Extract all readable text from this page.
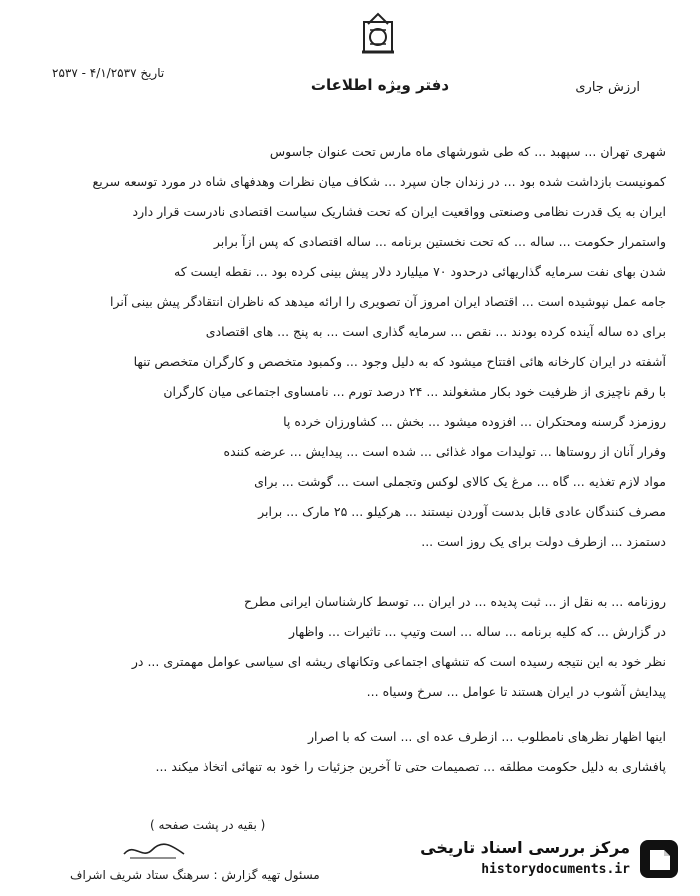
دفتر ویژه اطلاعات
تاریخ ۴/۱/۲۵۳۷ - ۲۵۳۷
ارزش جاری
شهری تهران ... سپهبد ... که طی شورشهای ماه مارس تحت عنوان جاسوس
کمونیست بازداشت شده بود ... در زندان جان سپرد ... شکاف میان نظرات وهدفهای شاه در مورد توسعه سریع
ایران به یک قدرت نظامی وصنعتی وواقعیت ایران که تحت فشاریک سیاست اقتصادی نادرست قرار دارد
واستمرار حکومت ... ساله ... که تحت نخستین برنامه ... ساله اقتصادی که پس ازآ برابر
شدن بهای نفت سرمایه گذاریهائی درحدود ۷۰ میلیارد دلار پیش بینی کرده بود ... نقطه ایست که
جامه عمل نپوشیده است ... اقتصاد ایران امروز آن تصویری را ارائه میدهد که ناظران انتقادگر پیش بینی آنرا
برای ده ساله آینده کرده بودند ... نقص ... سرمایه گذاری است ... به پنج ... های اقتصادی
آشفته در ایران کارخانه هائی افتتاح میشود که به دلیل وجود ... وکمبود متخصص و کارگران متخصص تنها
با رقم ناچیزی از ظرفیت خود بکار مشغولند ... ۲۴ درصد تورم ... نامساوی اجتماعی میان کارگران
روزمزد گرسنه ومحتکران ... افزوده میشود ... بخش ... کشاورزان خرده پا
وفرار آنان از روستاها ... تولیدات مواد غذائی ... شده است ... پیدایش ... عرضه کننده
مواد لازم تغذیه ... گاه ... مرغ یک کالای لوکس وتجملی است ... گوشت ... برای
مصرف کنندگان عادی قابل بدست آوردن نیستند ... هرکیلو ... ۲۵ مارک ... برابر
دستمزد ... ازطرف دولت برای یک روز است ...
روزنامه ... به نقل از ... ثبت پدیده ... در ایران ... توسط کارشناسان ایرانی مطرح
در گزارش ... که کلیه برنامه ... ساله ... است وتیپ ... تاثیرات ... واظهار
نظر خود به این نتیجه رسیده است که تنشهای اجتماعی وتکانهای ریشه ای سیاسی عوامل مهمتری ... در
پیدایش آشوب در ایران هستند تا عوامل ... سرخ وسیاه ...
اینها اظهار نظرهای نامطلوب ... ازطرف عده ای ... است که با اصرار
پافشاری به دلیل حکومت مطلقه ... تصمیمات حتی تا آخرین جزئیات را خود به تنهائی اتخاذ میکند ...
( بقیه در پشت صفحه )
مسئول تهیه گزارش : سرهنگ ستاد شریف اشراف
مرکز بررسی اسناد تاریخی
historydocuments.ir
